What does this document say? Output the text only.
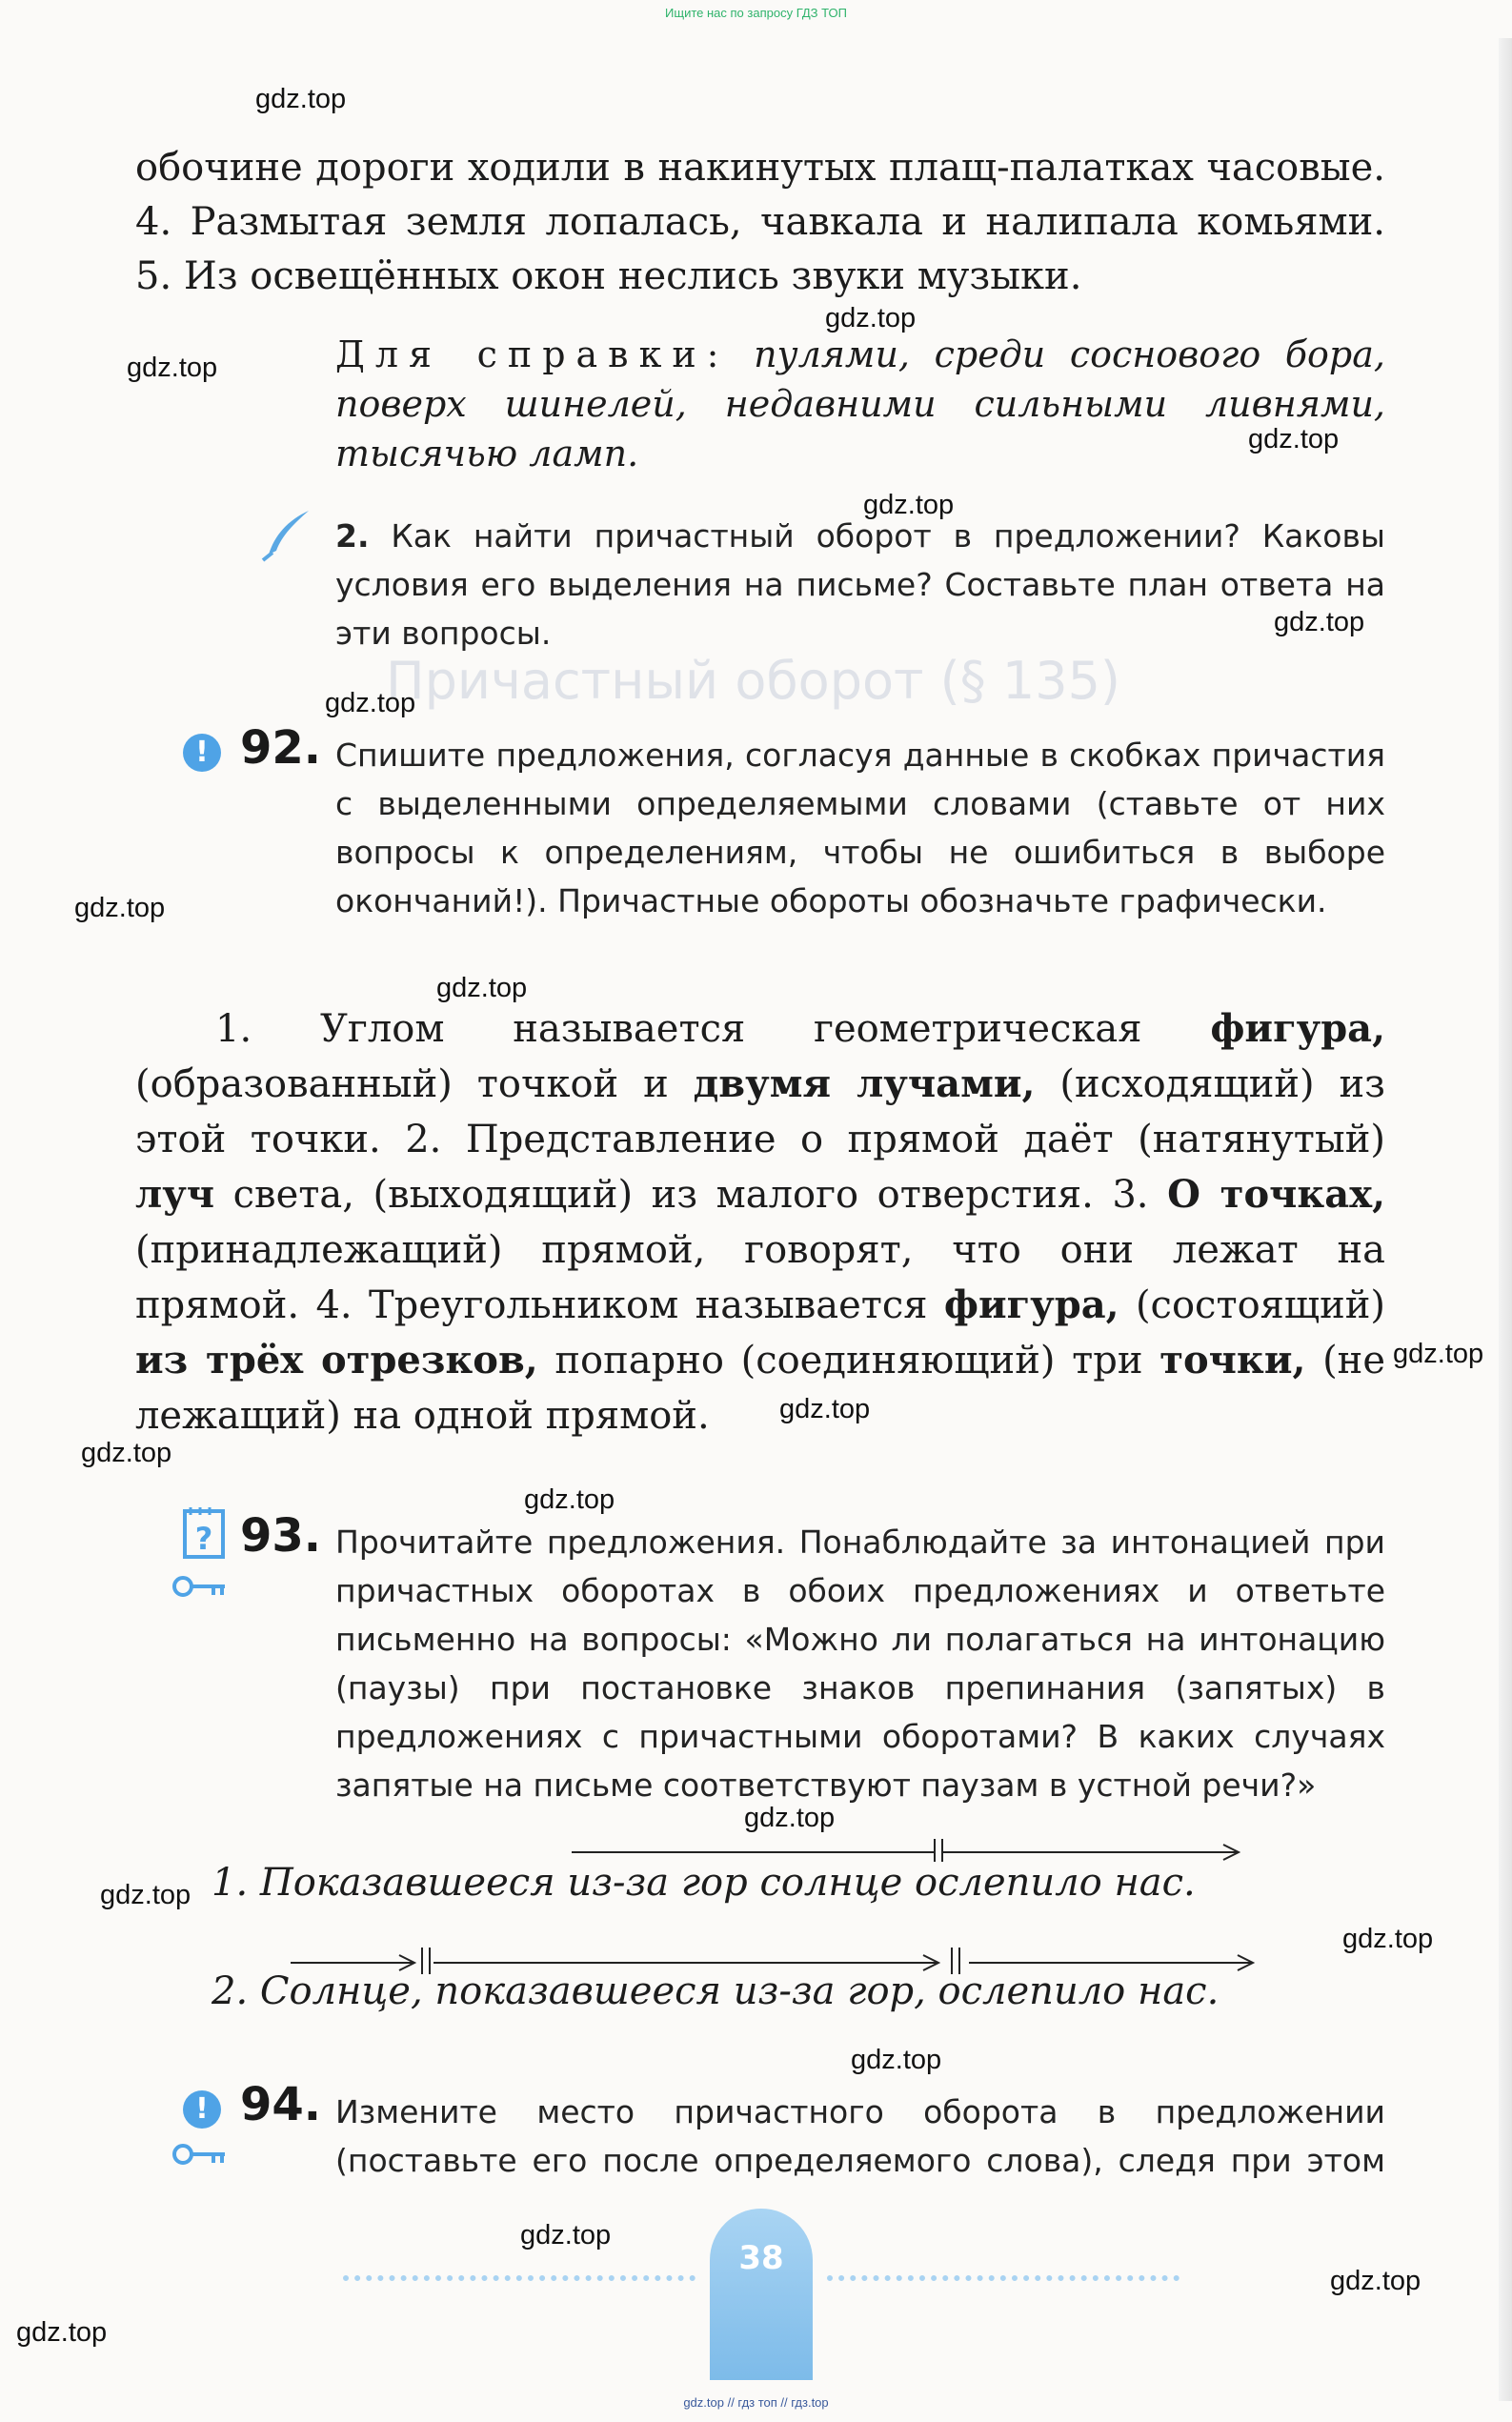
Ищите нас по запросу ГДЗ ТОП
Причастный оборот (§ 135)
gdz.top
gdz.top
gdz.top
gdz.top
gdz.top
gdz.top
gdz.top
gdz.top
gdz.top
gdz.top
gdz.top
gdz.top
gdz.top
gdz.top
gdz.top
gdz.top
gdz.top
gdz.top
gdz.top
gdz.top
обочине дороги ходили в накинутых плащ-палатках часовые. 4. Размытая земля лопалась, чавкала и налипала комьями. 5. Из освещённых окон неслись звуки музыки.
Для справки: пулями, среди соснового бора, поверх шинелей, недавними сильными ливнями, тысячью ламп.
2. Как найти причастный оборот в предложении? Каковы условия его выделения на письме? Составьте план ответа на эти вопросы.
! 92. Спишите предложения, согласуя данные в скобках причастия с выделенными определяемыми словами (ставьте от них вопросы к определениям, чтобы не ошибиться в выборе окончаний!). Причастные обороты обозначьте графически.
1. Углом называется геометрическая фигура, (образованный) точкой и двумя лучами, (исходящий) из этой точки. 2. Представление о прямой даёт (натянутый) луч света, (выходящий) из малого отверстия. 3. О точках, (принадлежащий) прямой, говорят, что они лежат на прямой. 4. Треугольником называется фигура, (состоящий) из трёх отрезков, попарно (соединяющий) три точки, (не лежащий) на одной прямой.
? 93. Прочитайте предложения. Понаблюдайте за интонацией при причастных оборотах в обоих предложениях и ответьте письменно на вопросы: «Можно ли полагаться на интонацию (паузы) при постановке знаков препинания (запятых) в предложениях с причастными оборотами? В каких случаях запятые на письме соответствуют паузам в устной речи?»
1. Показавшееся из-за гор солнце ослепило нас.
2. Солнце, показавшееся из-за гор, ослепило нас.
! 94. Измените место причастного оборота в предложении (поставьте его после определяемого слова), следя при этом
38
gdz.top // гдз топ // гдз.top
